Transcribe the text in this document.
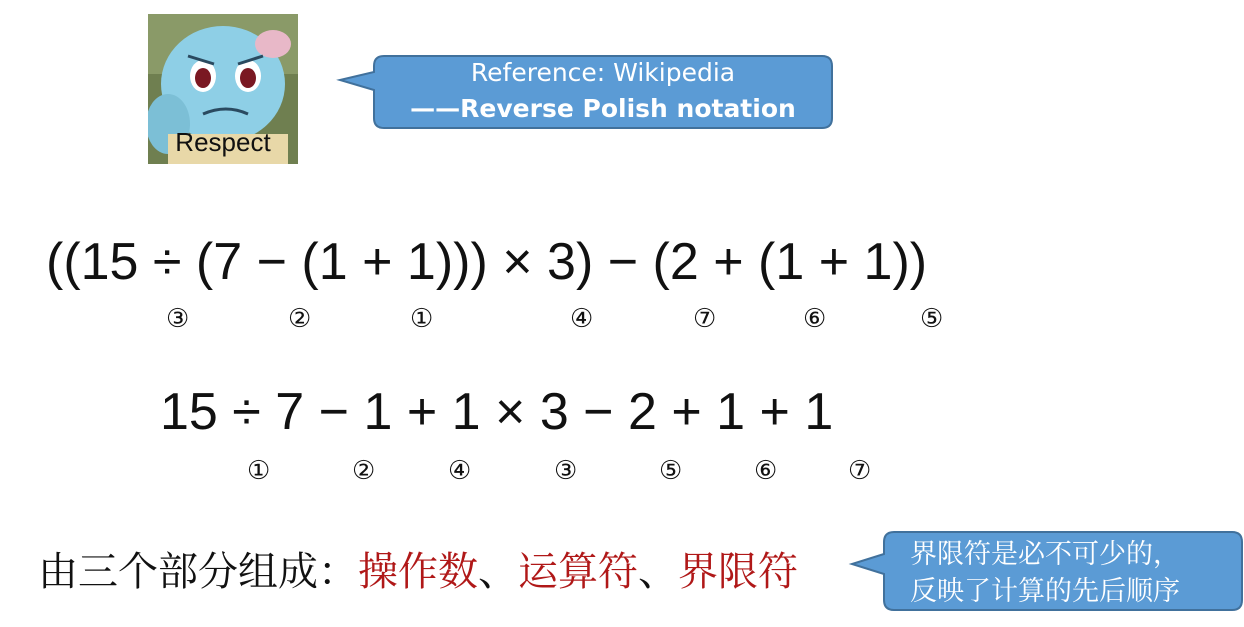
Respect
Reference: Wikipedia
——Reverse Polish notation
((15 ÷ (7 − (1 + 1))) × 3) − (2 + (1 + 1))
③	②	①	④	⑦	⑥	⑤
15 ÷ 7 − 1 + 1 × 3 − 2 + 1 + 1
①	②	④	③	⑤	⑥	⑦
由三个部分组成：操作数、运算符、界限符	界限符是必不可少的，
反映了计算的先后顺序
